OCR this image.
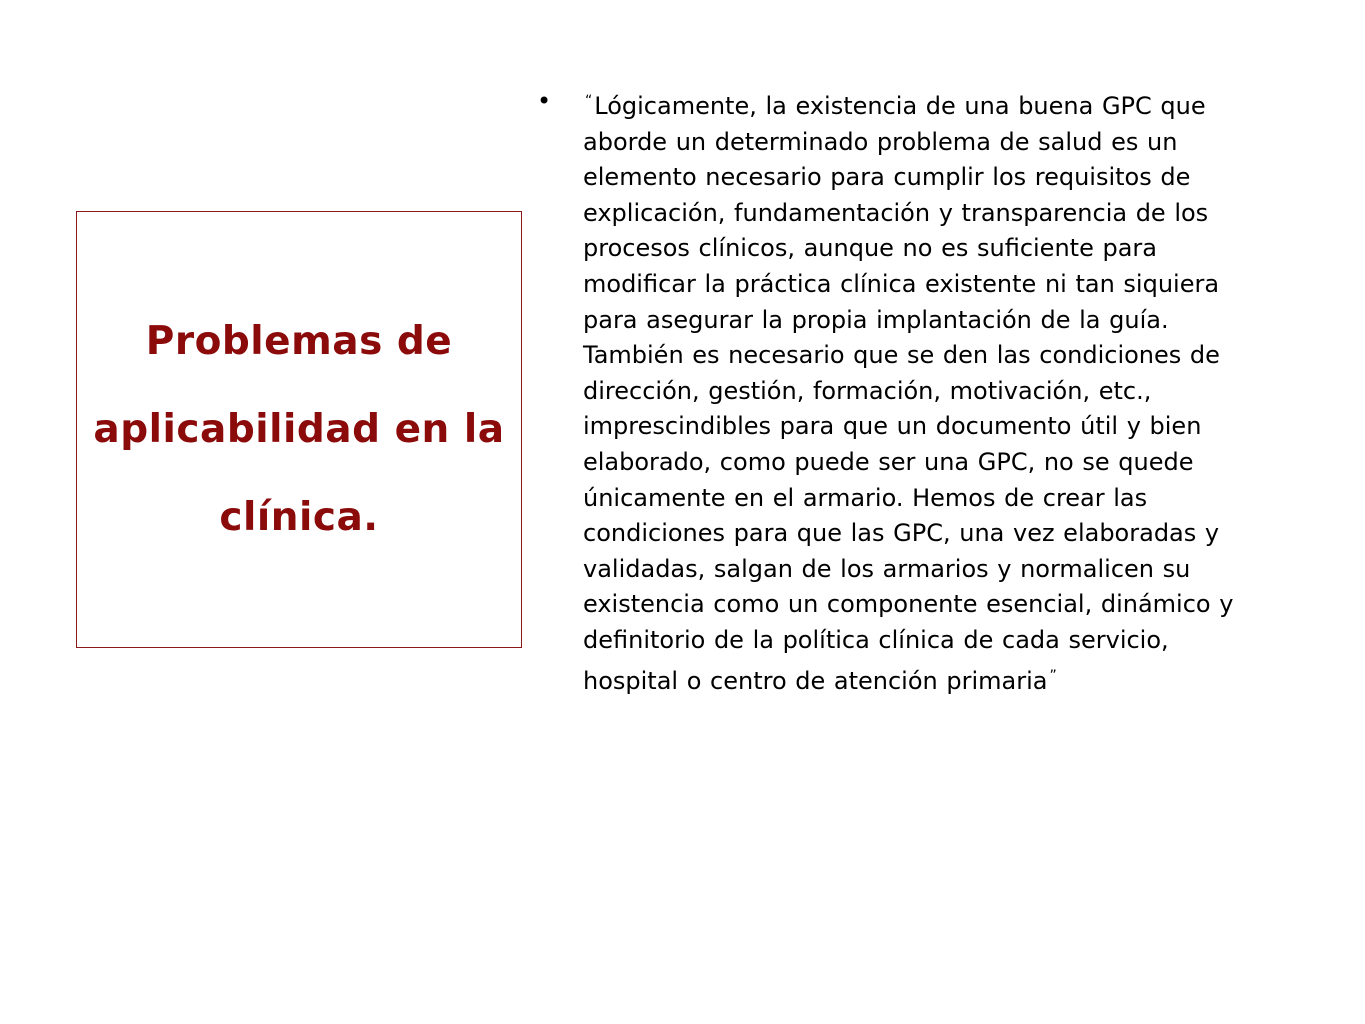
Problemas de aplicabilidad en la clínica.
• “Lógicamente, la existencia de una buena GPC que aborde un determinado problema de salud es un elemento necesario para cumplir los requisitos de explicación, fundamentación y transparencia de los procesos clínicos, aunque no es suficiente para modificar la práctica clínica existente ni tan siquiera para asegurar la propia implantación de la guía. También es necesario que se den las condiciones de dirección, gestión, formación, motivación, etc., imprescindibles para que un documento útil y bien elaborado, como puede ser una GPC, no se quede únicamente en el armario. Hemos de crear las condiciones para que las GPC, una vez elaboradas y validadas, salgan de los armarios y normalicen su existencia como un componente esencial, dinámico y definitorio de la política clínica de cada servicio, hospital o centro de atención primaria ”
